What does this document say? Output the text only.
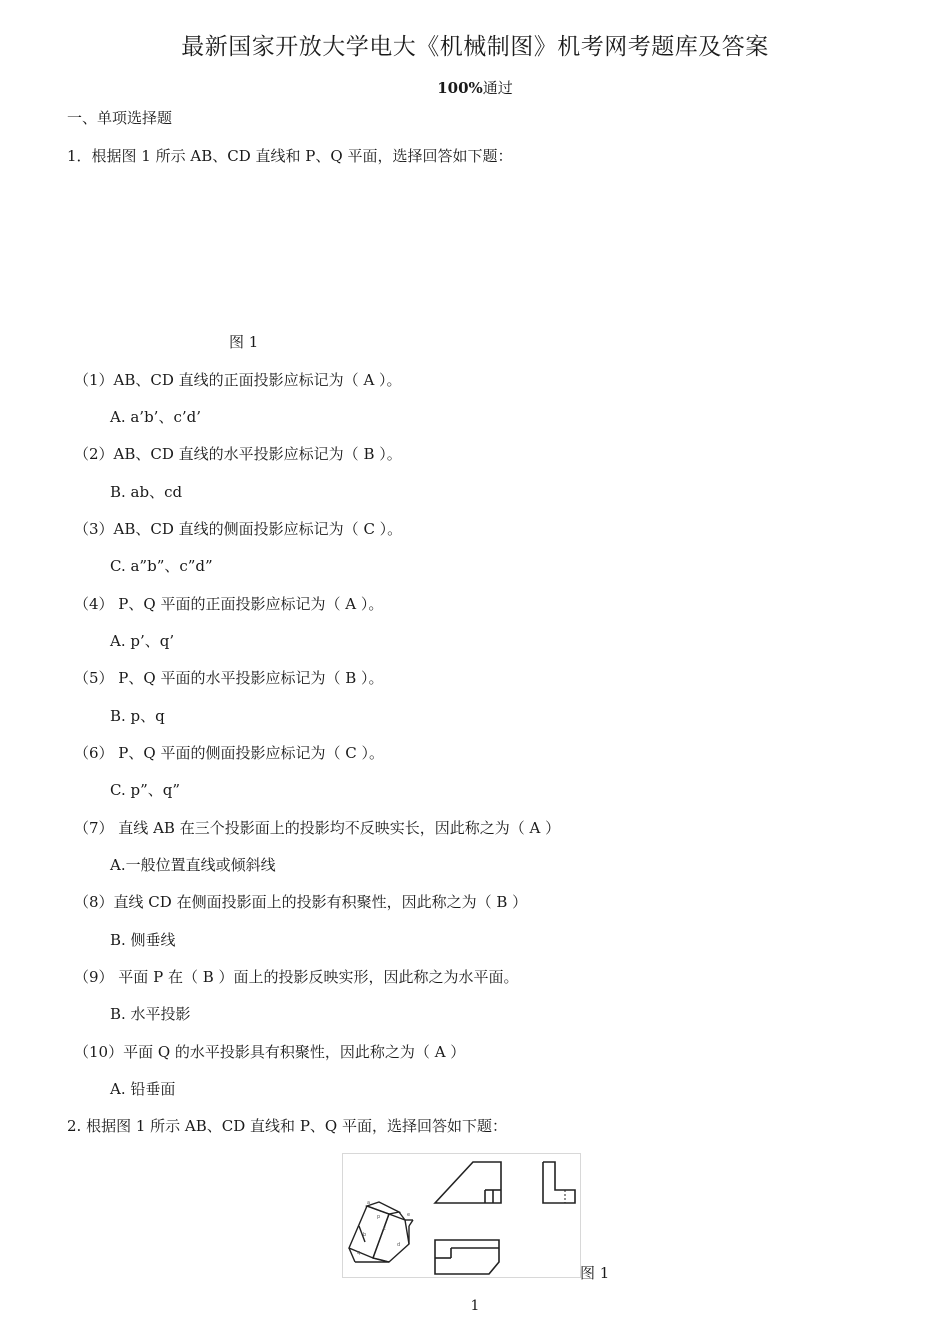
最新国家开放大学电大《机械制图》机考网考题库及答案
100%通过
一、单项选择题
1．根据图 1 所示 AB、CD 直线和 P、Q 平面，选择回答如下题：
图 1
（1）AB、CD 直线的正面投影应标记为（ A ）。
A. a’b’、c’d’
（2）AB、CD 直线的水平投影应标记为（ B ）。
B. ab、cd
（3）AB、CD 直线的侧面投影应标记为（ C ）。
C. a”b”、c”d”
（4） P、Q 平面的正面投影应标记为（ A ）。
A. p’、q’
（5） P、Q 平面的水平投影应标记为（ B ）。
B. p、q
（6） P、Q 平面的侧面投影应标记为（ C ）。
C. p”、q”
（7） 直线 AB 在三个投影面上的投影均不反映实长，因此称之为（ A ）
A.一般位置直线或倾斜线
（8）直线 CD 在侧面投影面上的投影有积聚性，因此称之为（ B ）
B. 侧垂线
（9） 平面 P 在（ B ）面上的投影反映实形，因此称之为水平面。
B. 水平投影
（10）平面 Q 的水平投影具有积聚性，因此称之为（ A ）
A. 铅垂面
2. 根据图 1 所示 AB、CD 直线和 P、Q 平面，选择回答如下题：
a
p
b
c
q
d
e
图 1
1
